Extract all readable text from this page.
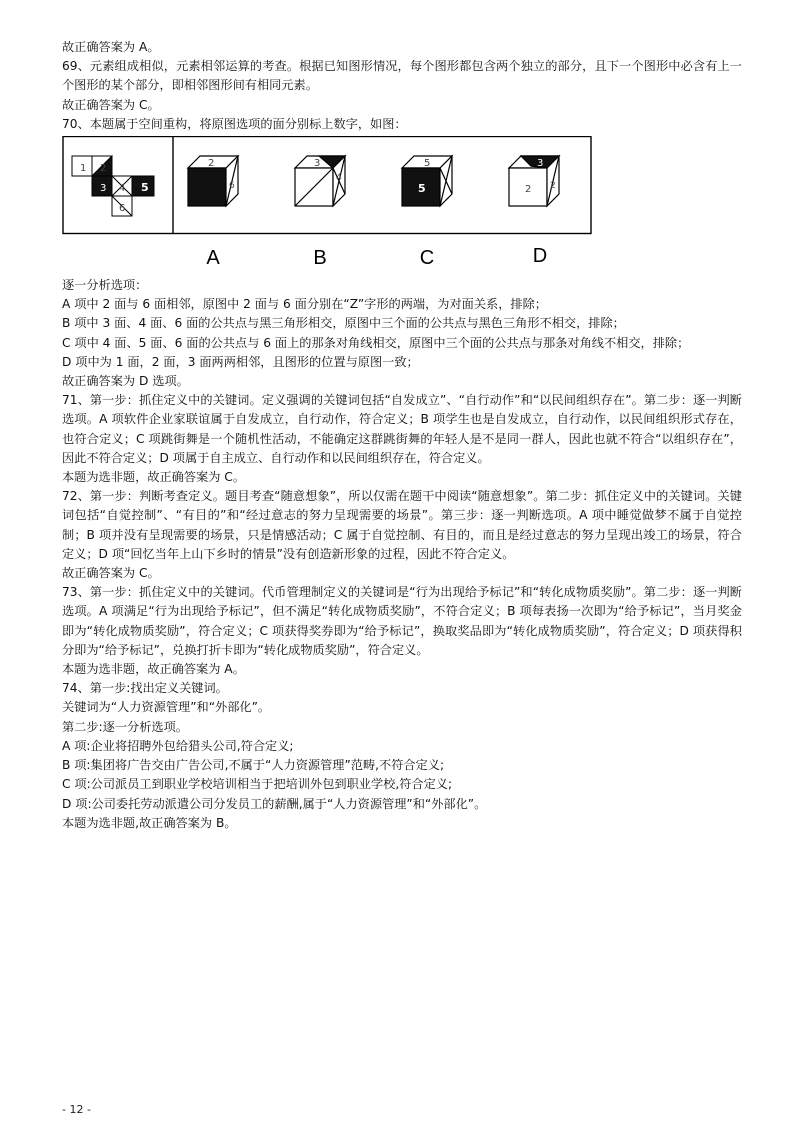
故正确答案为 A。

69、元素组成相似，元素相邻运算的考查。根据已知图形情况，每个图形都包含两个独立的部分，且下一个图形中必含有上一个图形的某个部分，即相邻图形间有相同元素。

故正确答案为 C。

70、本题属于空间重构，将原图选项的面分别标上数字，如图：

1 2
3 4 5
6
2
6
3
4
5
5
3
2 2
A	B	C	D

逐一分析选项：

A 项中 2 面与 6 面相邻，原图中 2 面与 6 面分别在“Z”字形的两端，为对面关系，排除；

B 项中 3 面、4 面、6 面的公共点与黑三角形相交，原图中三个面的公共点与黑色三角形不相交，排除；

C 项中 4 面、5 面、6 面的公共点与 6 面上的那条对角线相交，原图中三个面的公共点与那条对角线不相交，排除；

D 项中为 1 面，2 面，3 面两两相邻，且图形的位置与原图一致；

故正确答案为 D 选项。

71、第一步：抓住定义中的关键词。定义强调的关键词包括“自发成立”、“自行动作”和“以民间组织存在”。第二步：逐一判断选项。A 项软件企业家联谊属于自发成立，自行动作，符合定义；B 项学生也是自发成立，自行动作，以民间组织形式存在，也符合定义；C 项跳街舞是一个随机性活动，不能确定这群跳街舞的年轻人是不是同一群人，因此也就不符合“以组织存在”，因此不符合定义；D 项属于自主成立、自行动作和以民间组织存在，符合定义。

本题为选非题，故正确答案为 C。

72、第一步：判断考查定义。题目考查“随意想象”，所以仅需在题干中阅读“随意想象”。第二步：抓住定义中的关键词。关键词包括“自觉控制”、“有目的”和“经过意志的努力呈现需要的场景”。第三步：逐一判断选项。A 项中睡觉做梦不属于自觉控制；B 项并没有呈现需要的场景，只是情感活动；C 属于自觉控制、有目的，而且是经过意志的努力呈现出竣工的场景，符合定义；D 项“回忆当年上山下乡时的情景”没有创造新形象的过程，因此不符合定义。

故正确答案为 C。

73、第一步：抓住定义中的关键词。代币管理制定义的关键词是“行为出现给予标记”和“转化成物质奖励”。第二步：逐一判断选项。A 项满足“行为出现给予标记”，但不满足“转化成物质奖励”，不符合定义；B 项每表扬一次即为“给予标记”，当月奖金即为“转化成物质奖励”，符合定义；C 项获得奖券即为“给予标记”，换取奖品即为“转化成物质奖励”，符合定义；D 项获得积分即为“给予标记”，兑换打折卡即为“转化成物质奖励”，符合定义。

本题为选非题，故正确答案为 A。

74、第一步:找出定义关键词。

关键词为“人力资源管理”和“外部化”。

第二步:逐一分析选项。

A 项:企业将招聘外包给猎头公司,符合定义;

B 项:集团将广告交由广告公司,不属于“人力资源管理”范畴,不符合定义;

C 项:公司派员工到职业学校培训相当于把培训外包到职业学校,符合定义;

D 项:公司委托劳动派遣公司分发员工的薪酬,属于“人力资源管理”和“外部化”。

本题为选非题,故正确答案为 B。

- 12 -
